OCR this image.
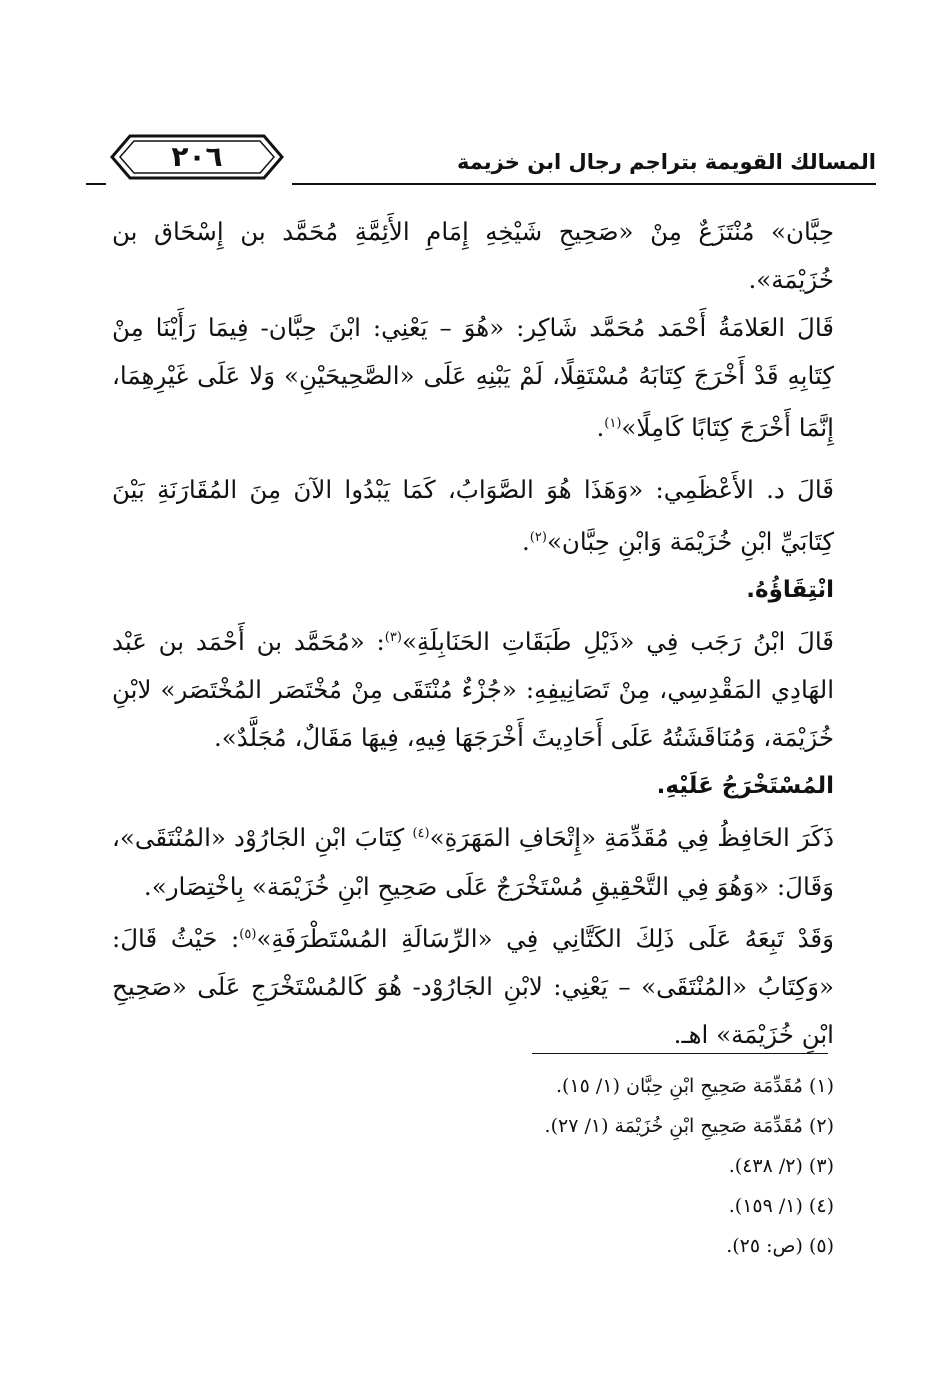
٢٠٦	المسالك القويمة بتراجم رجال ابن خزيمة

حِبَّان» مُنْتَزَعٌ مِنْ «صَحِيحِ شَيْخِهِ إِمَامِ الأَئِمَّةِ مُحَمَّد بن إِسْحَاق بن خُزَيْمَة».

قَالَ العَلامَةُ أَحْمَد مُحَمَّد شَاكِر: «هُوَ – يَعْنِي: ابْنَ حِبَّان- فِيمَا رَأَيْنَا مِنْ كِتَابِهِ قَدْ أَخْرَجَ كِتَابَهُ مُسْتَقِلًا، لَمْ يَبْنِهِ عَلَى «الصَّحِيحَيْنِ» وَلا عَلَى غَيْرِهِمَا، إِنَّمَا أَخْرَجَ كِتَابًا كَامِلًا»$^{(١)}$.

قَالَ د. الأَعْظَمِي: «وَهَذَا هُوَ الصَّوَابُ، كَمَا يَبْدُوا الآنَ مِنَ المُقَارَنَةِ بَيْنَ كِتَابَيِّ ابْنِ خُزَيْمَة وَابْنِ حِبَّان»$^{(٢)}$.

انْتِقَاؤُهُ.

قَالَ ابْنُ رَجَب فِي «ذَيْلِ طَبَقَاتِ الحَنَابِلَةِ»$^{(٣)}$: «مُحَمَّد بن أَحْمَد بن عَبْد الهَادِي المَقْدِسِي، مِنْ تَصَانِيفِهِ: «جُزْءٌ مُنْتَقَى مِنْ مُخْتَصَر المُخْتَصَر» لابْنِ خُزَيْمَة، وَمُنَاقَشَتُهُ عَلَى أَحَادِيثَ أَخْرَجَهَا فِيهِ، فِيهَا مَقَالٌ، مُجَلَّدٌ».

المُسْتَخْرَجُ عَلَيْهِ.

ذَكَرَ الحَافِظُ فِي مُقَدِّمَةِ «إِتْحَافِ المَهَرَةِ»$^{(٤)}$ كِتَابَ ابْنِ الجَارُوْد «المُنْتَقَى»، وَقَالَ: «وَهُوَ فِي التَّحْقِيقِ مُسْتَخْرَجٌ عَلَى صَحِيحِ ابْنِ خُزَيْمَة» بِاخْتِصَار».

وَقَدْ تَبِعَهُ عَلَى ذَلِكَ الكَتَّانِي فِي «الرِّسَالَةِ المُسْتَطْرَفَةِ»$^{(٥)}$: حَيْثُ قَالَ: «وَكِتَابُ «المُنْتَقَى» – يَعْنِي: لابْنِ الجَارُوْد- هُوَ كَالمُسْتَخْرَجِ عَلَى «صَحِيحِ ابْنِ خُزَيْمَة» اهـ.

(١) مُقَدِّمَة صَحِيحِ ابْنِ حِبَّان (١/ ١٥).

(٢) مُقَدِّمَة صَحِيحِ ابْنِ خُزَيْمَة (١/ ٢٧).

(٣) (٢/ ٤٣٨).

(٤) (١/ ١٥٩).

(٥) (ص: ٢٥).
